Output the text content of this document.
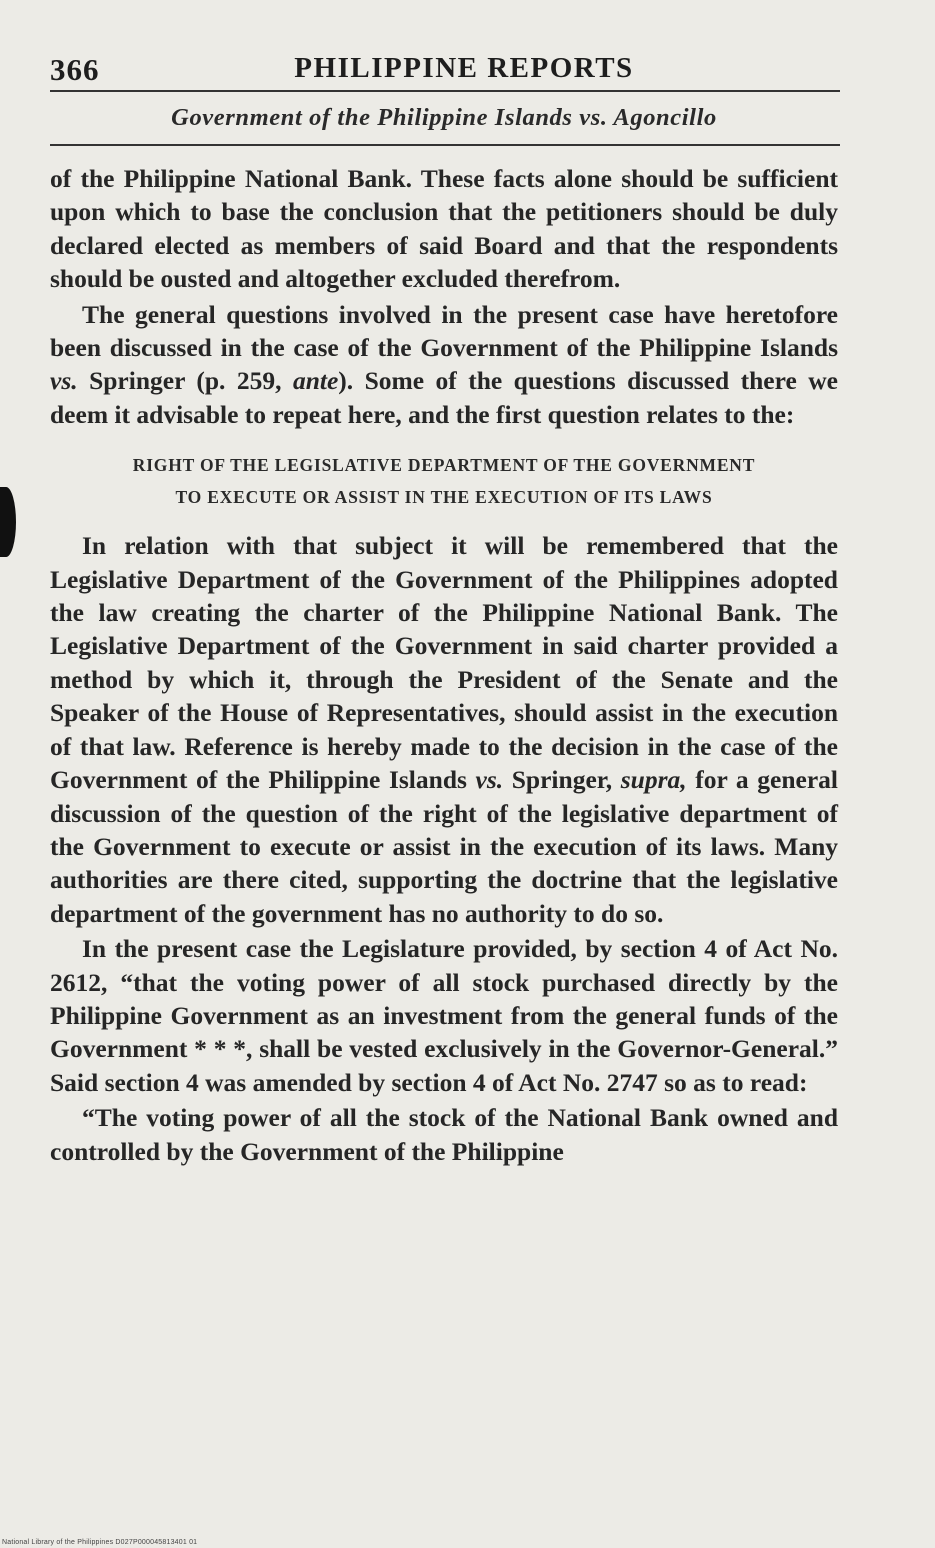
366	PHILIPPINE REPORTS
Government of the Philippine Islands vs. Agoncillo

of the Philippine National Bank. These facts alone should be sufficient upon which to base the conclusion that the petitioners should be duly declared elected as members of said Board and that the respondents should be ousted and altogether excluded therefrom.

The general questions involved in the present case have heretofore been discussed in the case of the Government of the Philippine Islands vs. Springer (p. 259, ante). Some of the questions discussed there we deem it advisable to repeat here, and the first question relates to the:

RIGHT OF THE LEGISLATIVE DEPARTMENT OF THE GOVERNMENT
TO EXECUTE OR ASSIST IN THE EXECUTION OF ITS LAWS

In relation with that subject it will be remembered that the Legislative Department of the Government of the Philippines adopted the law creating the charter of the Philippine National Bank. The Legislative Department of the Government in said charter provided a method by which it, through the President of the Senate and the Speaker of the House of Representatives, should assist in the execution of that law. Reference is hereby made to the decision in the case of the Government of the Philippine Islands vs. Springer, supra, for a general discussion of the question of the right of the legislative department of the Government to execute or assist in the execution of its laws. Many authorities are there cited, supporting the doctrine that the legislative department of the government has no authority to do so.

In the present case the Legislature provided, by section 4 of Act No. 2612, “that the voting power of all stock purchased directly by the Philippine Government as an investment from the general funds of the Government * * *, shall be vested exclusively in the Governor-General.” Said section 4 was amended by section 4 of Act No. 2747 so as to read:

“The voting power of all the stock of the National Bank owned and controlled by the Government of the Philippine

National Library of the Philippines D027P000045813401 01
